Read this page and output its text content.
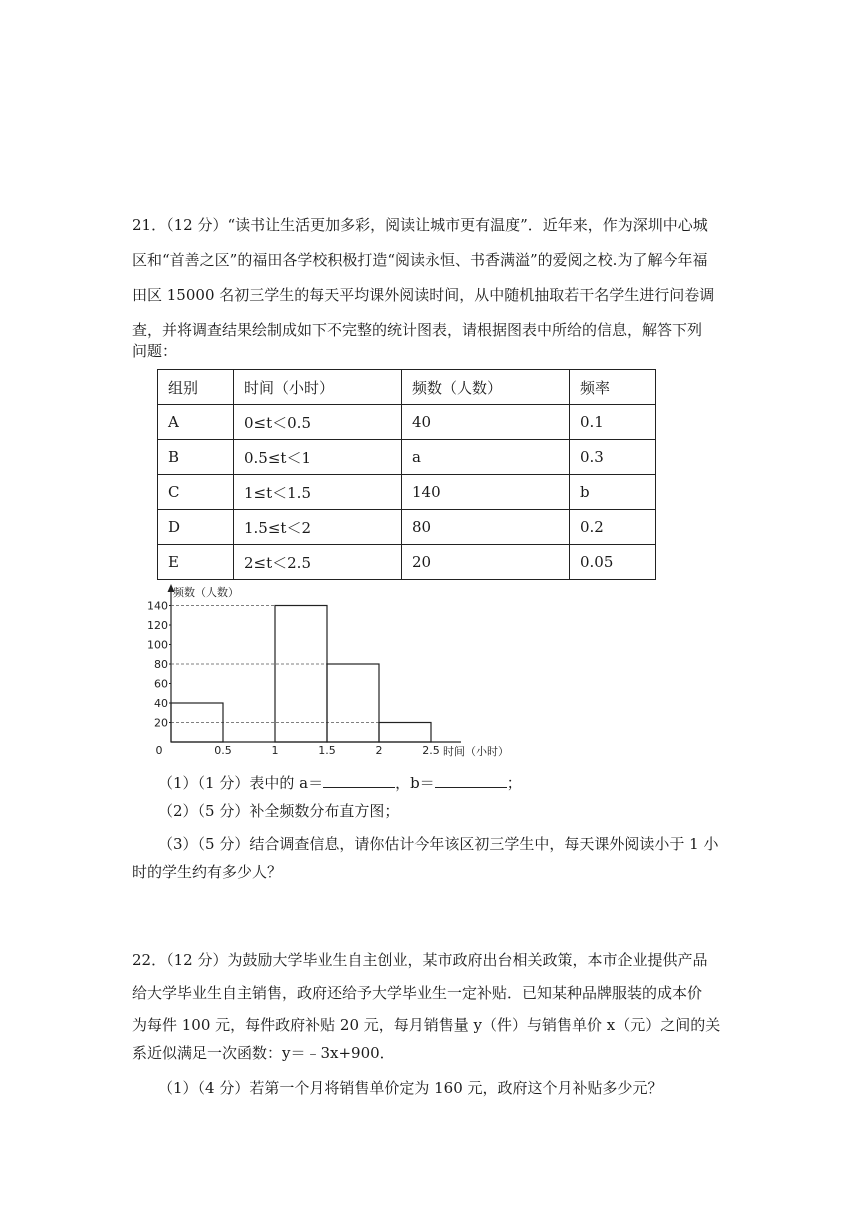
21．（12 分）“读书让生活更加多彩，阅读让城市更有温度”．近年来，作为深圳中心城
区和“首善之区”的福田各学校积极打造“阅读永恒、书香满溢”的爱阅之校.为了解今年福
田区 15000 名初三学生的每天平均课外阅读时间，从中随机抽取若干名学生进行问卷调
查，并将调查结果绘制成如下不完整的统计图表，请根据图表中所给的信息，解答下列
问题：
组别	时间（小时）	频数（人数）	频率
A	0≤t＜0.5	40	0.1
B	0.5≤t＜1	a	0.3
C	1≤t＜1.5	140	b
D	1.5≤t＜2	80	0.2
E	2≤t＜2.5	20	0.05
20
40
60
80
100
120
140
0	0.5	1	1.5	2	2.5
频数（人数）
时间（小时）
（1）（1 分）表中的 a＝	，b＝	；
（2）（5 分）补全频数分布直方图；
（3）（5 分）结合调查信息，请你估计今年该区初三学生中，每天课外阅读小于 1 小
时的学生约有多少人？
22．（12 分）为鼓励大学毕业生自主创业，某市政府出台相关政策，本市企业提供产品
给大学毕业生自主销售，政府还给予大学毕业生一定补贴．已知某种品牌服装的成本价
为每件 100 元，每件政府补贴 20 元，每月销售量 y（件）与销售单价 x（元）之间的关
系近似满足一次函数：y＝﹣3x+900．
（1）（4 分）若第一个月将销售单价定为 160 元，政府这个月补贴多少元？
